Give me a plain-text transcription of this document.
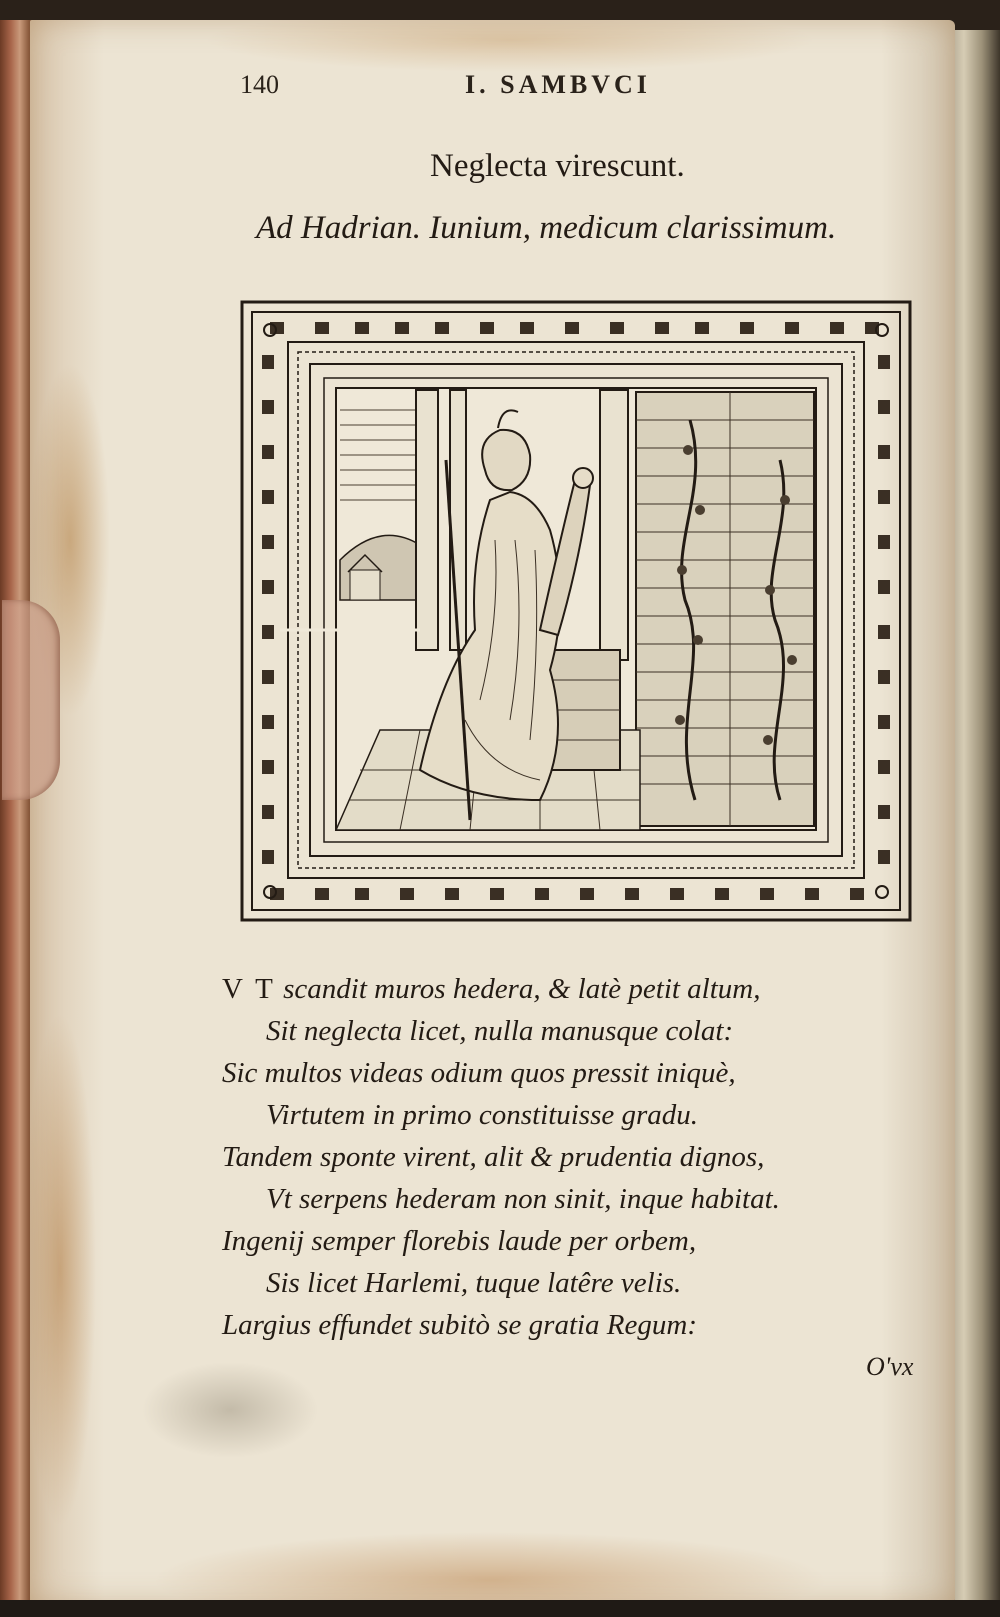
140	I. SAMBVCI
Neglecta virescunt.
Ad Hadrian. Iunium, medicum clarissimum.
V T scandit muros hedera, & latè petit altum,
Sit neglecta licet, nulla manusque colat:
Sic multos videas odium quos pressit iniquè,
Virtutem in primo constituisse gradu.
Tandem sponte virent, alit & prudentia dignos,
Vt serpens hederam non sinit, inque habitat.
Ingenij semper florebis laude per orbem,
Sis licet Harlemi, tuque latêre velis.
Largius effundet subitò se gratia Regum:
O'vx
